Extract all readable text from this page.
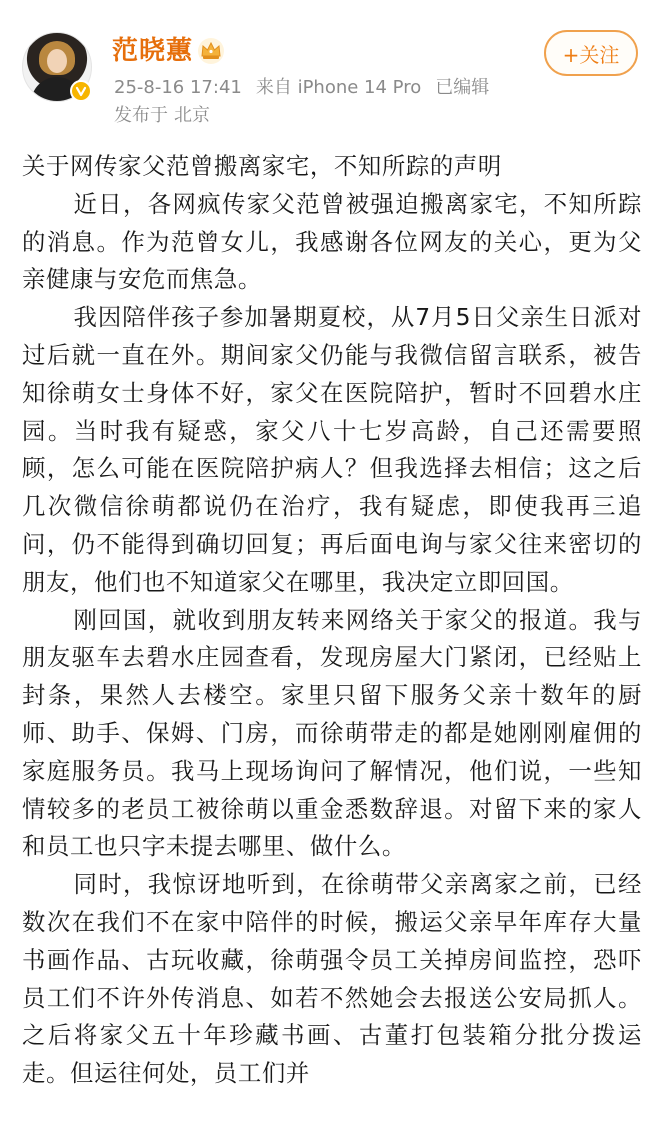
范晓蕙
25-8-16 17:41 来自 iPhone 14 Pro 已编辑
发布于 北京
+关注

关于网传家父范曾搬离家宅，不知所踪的声明

近日，各网疯传家父范曾被强迫搬离家宅，不知所踪的消息。作为范曾女儿，我感谢各位网友的关心，更为父亲健康与安危而焦急。

我因陪伴孩子参加暑期夏校，从7月5日父亲生日派对过后就一直在外。期间家父仍能与我微信留言联系，被告知徐萌女士身体不好，家父在医院陪护，暂时不回碧水庄园。当时我有疑惑，家父八十七岁高龄，自己还需要照顾，怎么可能在医院陪护病人？但我选择去相信；这之后几次微信徐萌都说仍在治疗，我有疑虑，即使我再三追问，仍不能得到确切回复；再后面电询与家父往来密切的朋友，他们也不知道家父在哪里，我决定立即回国。

刚回国，就收到朋友转来网络关于家父的报道。我与朋友驱车去碧水庄园查看，发现房屋大门紧闭，已经贴上封条，果然人去楼空。家里只留下服务父亲十数年的厨师、助手、保姆、门房，而徐萌带走的都是她刚刚雇佣的家庭服务员。我马上现场询问了解情况，他们说，一些知情较多的老员工被徐萌以重金悉数辞退。对留下来的家人和员工也只字未提去哪里、做什么。

同时，我惊讶地听到，在徐萌带父亲离家之前，已经数次在我们不在家中陪伴的时候，搬运父亲早年库存大量书画作品、古玩收藏，徐萌强令员工关掉房间监控，恐吓员工们不许外传消息、如若不然她会去报送公安局抓人。之后将家父五十年珍藏书画、古董打包装箱分批分拨运走。但运往何处，员工们并
